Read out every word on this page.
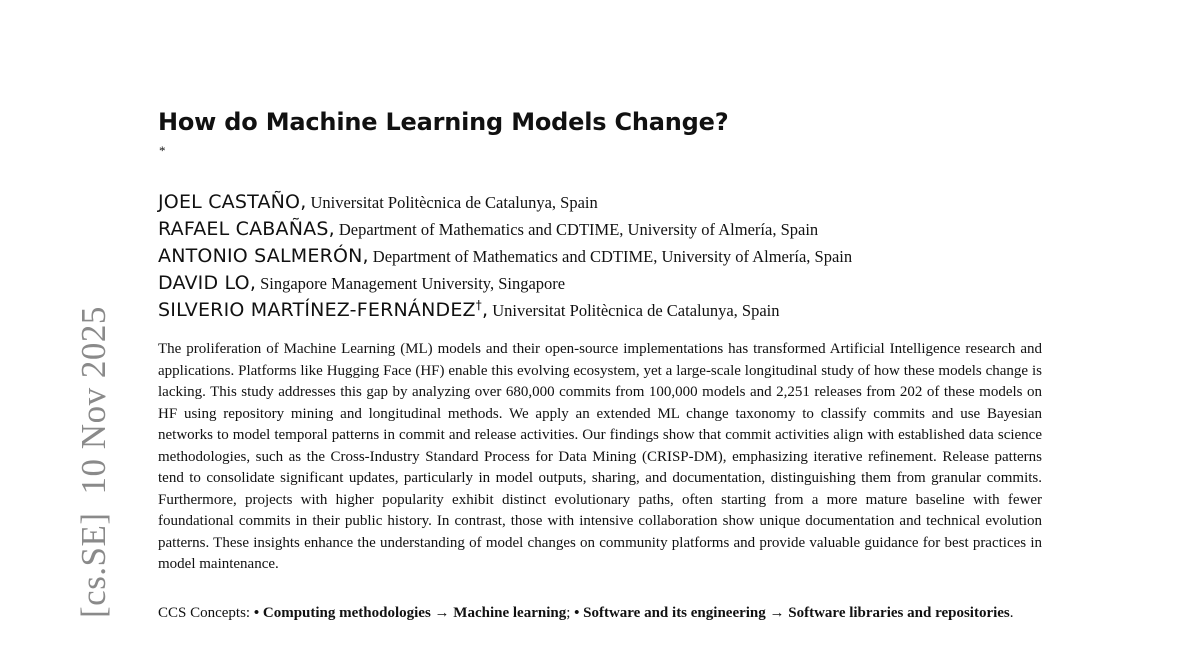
[cs.SE]10 Nov 2025
How do Machine Learning Models Change?
*
JOEL CASTAÑO, Universitat Politècnica de Catalunya, Spain
RAFAEL CABAÑAS, Department of Mathematics and CDTIME, University of Almería, Spain
ANTONIO SALMERÓN, Department of Mathematics and CDTIME, University of Almería, Spain
DAVID LO, Singapore Management University, Singapore
SILVERIO MARTÍNEZ-FERNÁNDEZ†, Universitat Politècnica de Catalunya, Spain

The proliferation of Machine Learning (ML) models and their open-source implementations has transformed Artificial Intelligence research and applications. Platforms like Hugging Face (HF) enable this evolving ecosystem, yet a large-scale longitudinal study of how these models change is lacking. This study addresses this gap by analyzing over 680,000 commits from 100,000 models and 2,251 releases from 202 of these models on HF using repository mining and longitudinal methods. We apply an extended ML change taxonomy to classify commits and use Bayesian networks to model temporal patterns in commit and release activities. Our findings show that commit activities align with established data science methodologies, such as the Cross-Industry Standard Process for Data Mining (CRISP-DM), emphasizing iterative refinement. Release patterns tend to consolidate significant updates, particularly in model outputs, sharing, and documentation, distinguishing them from granular commits. Furthermore, projects with higher popularity exhibit distinct evolutionary paths, often starting from a more mature baseline with fewer foundational commits in their public history. In contrast, those with intensive collaboration show unique documentation and technical evolution patterns. These insights enhance the understanding of model changes on community platforms and provide valuable guidance for best practices in model maintenance.

CCS Concepts: • Computing methodologies → Machine learning; • Software and its engineering → Software libraries and repositories.
